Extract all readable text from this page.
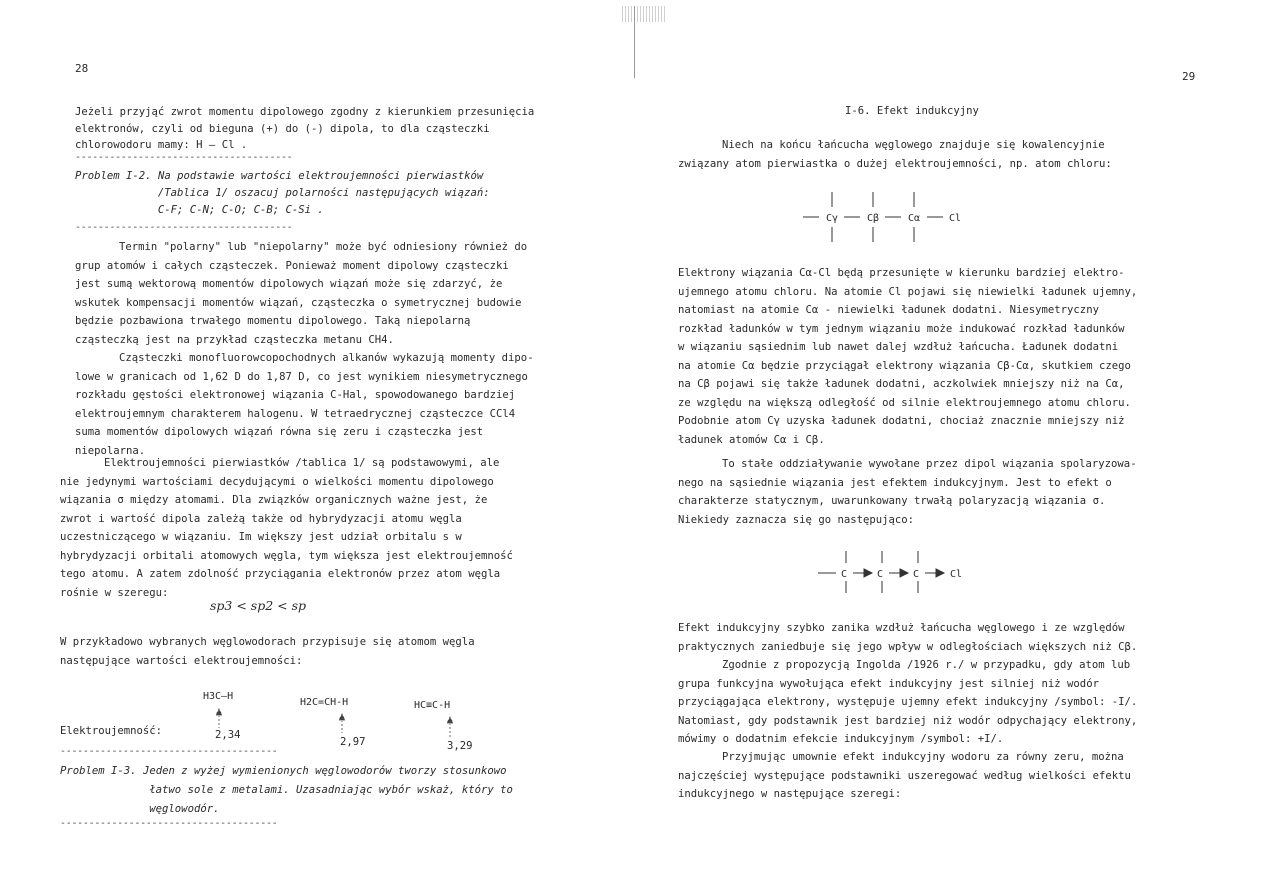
28
Jeżeli przyjąć zwrot momentu dipolowego zgodny z kierunkiem przesunięcia
elektronów, czyli od bieguna (+) do (-) dipola, to dla cząsteczki
chlorowodoru mamy: H — Cl .
--------------------------------------
Problem I-2. Na podstawie wartości elektroujemności pierwiastków
/Tablica 1/ oszacuj polarności następujących wiązań:
C-F; C-N; C-O; C-B; C-Si .
--------------------------------------
Termin "polarny" lub "niepolarny" może być odniesiony również do
grup atomów i całych cząsteczek. Ponieważ moment dipolowy cząsteczki
jest sumą wektorową momentów dipolowych wiązań może się zdarzyć, że
wskutek kompensacji momentów wiązań, cząsteczka o symetrycznej budowie
będzie pozbawiona trwałego momentu dipolowego. Taką niepolarną
cząsteczką jest na przykład cząsteczka metanu CH4.
Cząsteczki monofluorowcopochodnych alkanów wykazują momenty dipo-
lowe w granicach od 1,62 D do 1,87 D, co jest wynikiem niesymetrycznego
rozkładu gęstości elektronowej wiązania C-Hal, spowodowanego bardziej
elektroujemnym charakterem halogenu. W tetraedrycznej cząsteczce CCl4
suma momentów dipolowych wiązań równa się zeru i cząsteczka jest
niepolarna.
Elektroujemności pierwiastków /tablica 1/ są podstawowymi, ale
nie jedynymi wartościami decydującymi o wielkości momentu dipolowego
wiązania σ między atomami. Dla związków organicznych ważne jest, że
zwrot i wartość dipola zależą także od hybrydyzacji atomu węgla
uczestniczącego w wiązaniu. Im większy jest udział orbitalu s w
hybrydyzacji orbitali atomowych węgla, tym większa jest elektroujemność
tego atomu. A zatem zdolność przyciągania elektronów przez atom węgla
rośnie w szeregu:
sp3 < sp2 < sp
W przykładowo wybranych węglowodorach przypisuje się atomom węgla
następujące wartości elektroujemności:
H3C—H
H2C=CH-H	HC≡C-H
Elektroujemność:	2,34
2,97	3,29
--------------------------------------
Problem I-3. Jeden z wyżej wymienionych węglowodorów tworzy stosunkowo
łatwo sole z metalami. Uzasadniając wybór wskaż, który to
węglowodór.
--------------------------------------
29
I-6. Efekt indukcyjny
Niech na końcu łańcucha węglowego znajduje się kowalencyjnie
związany atom pierwiastka o dużej elektroujemności, np. atom chloru:
Cγ	Cβ	Cα	Cl
Elektrony wiązania Cα-Cl będą przesunięte w kierunku bardziej elektro-
ujemnego atomu chloru. Na atomie Cl pojawi się niewielki ładunek ujemny,
natomiast na atomie Cα - niewielki ładunek dodatni. Niesymetryczny
rozkład ładunków w tym jednym wiązaniu może indukować rozkład ładunków
w wiązaniu sąsiednim lub nawet dalej wzdłuż łańcucha. Ładunek dodatni
na atomie Cα będzie przyciągał elektrony wiązania Cβ-Cα, skutkiem czego
na Cβ pojawi się także ładunek dodatni, aczkolwiek mniejszy niż na Cα,
ze względu na większą odległość od silnie elektroujemnego atomu chloru.
Podobnie atom Cγ uzyska ładunek dodatni, chociaż znacznie mniejszy niż
ładunek atomów Cα i Cβ.
To stałe oddziaływanie wywołane przez dipol wiązania spolaryzowa-
nego na sąsiednie wiązania jest efektem indukcyjnym. Jest to efekt o
charakterze statycznym, uwarunkowany trwałą polaryzacją wiązania σ.
Niekiedy zaznacza się go następująco:
C	C	C	Cl
Efekt indukcyjny szybko zanika wzdłuż łańcucha węglowego i ze względów
praktycznych zaniedbuje się jego wpływ w odległościach większych niż Cβ.
Zgodnie z propozycją Ingolda /1926 r./ w przypadku, gdy atom lub
grupa funkcyjna wywołująca efekt indukcyjny jest silniej niż wodór
przyciągająca elektrony, występuje ujemny efekt indukcyjny /symbol: -I/.
Natomiast, gdy podstawnik jest bardziej niż wodór odpychający elektrony,
mówimy o dodatnim efekcie indukcyjnym /symbol: +I/.
Przyjmując umownie efekt indukcyjny wodoru za równy zeru, można
najczęściej występujące podstawniki uszeregować według wielkości efektu
indukcyjnego w następujące szeregi:
